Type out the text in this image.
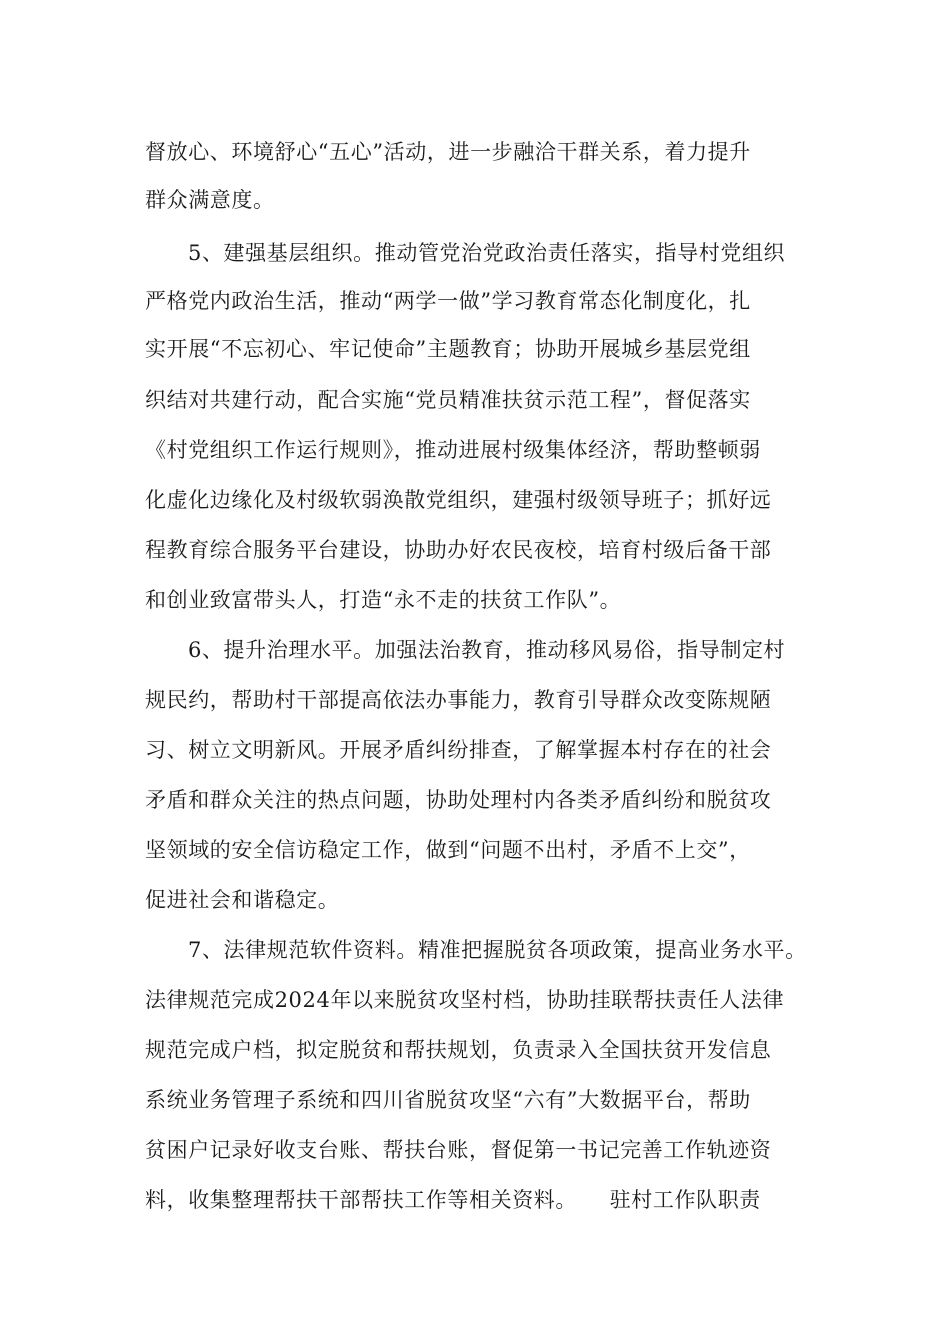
督放心、环境舒心“五心”活动，进一步融洽干群关系，着力提升
群众满意度。
5、建强基层组织。推动管党治党政治责任落实，指导村党组织
严格党内政治生活，推动“两学一做”学习教育常态化制度化，扎
实开展“不忘初心、牢记使命”主题教育；协助开展城乡基层党组
织结对共建行动，配合实施“党员精准扶贫示范工程”，督促落实
《村党组织工作运行规则》，推动进展村级集体经济，帮助整顿弱
化虚化边缘化及村级软弱涣散党组织，建强村级领导班子；抓好远
程教育综合服务平台建设，协助办好农民夜校，培育村级后备干部
和创业致富带头人，打造“永不走的扶贫工作队”。
6、提升治理水平。加强法治教育，推动移风易俗，指导制定村
规民约，帮助村干部提高依法办事能力，教育引导群众改变陈规陋
习、树立文明新风。开展矛盾纠纷排查，了解掌握本村存在的社会
矛盾和群众关注的热点问题，协助处理村内各类矛盾纠纷和脱贫攻
坚领域的安全信访稳定工作，做到“问题不出村，矛盾不上交”，
促进社会和谐稳定。
7、法律规范软件资料。精准把握脱贫各项政策，提高业务水平。
法律规范完成2024年以来脱贫攻坚村档，协助挂联帮扶责任人法律
规范完成户档，拟定脱贫和帮扶规划，负责录入全国扶贫开发信息
系统业务管理子系统和四川省脱贫攻坚“六有”大数据平台，帮助
贫困户记录好收支台账、帮扶台账，督促第一书记完善工作轨迹资
料，收集整理帮扶干部帮扶工作等相关资料。　　驻村工作队职责
